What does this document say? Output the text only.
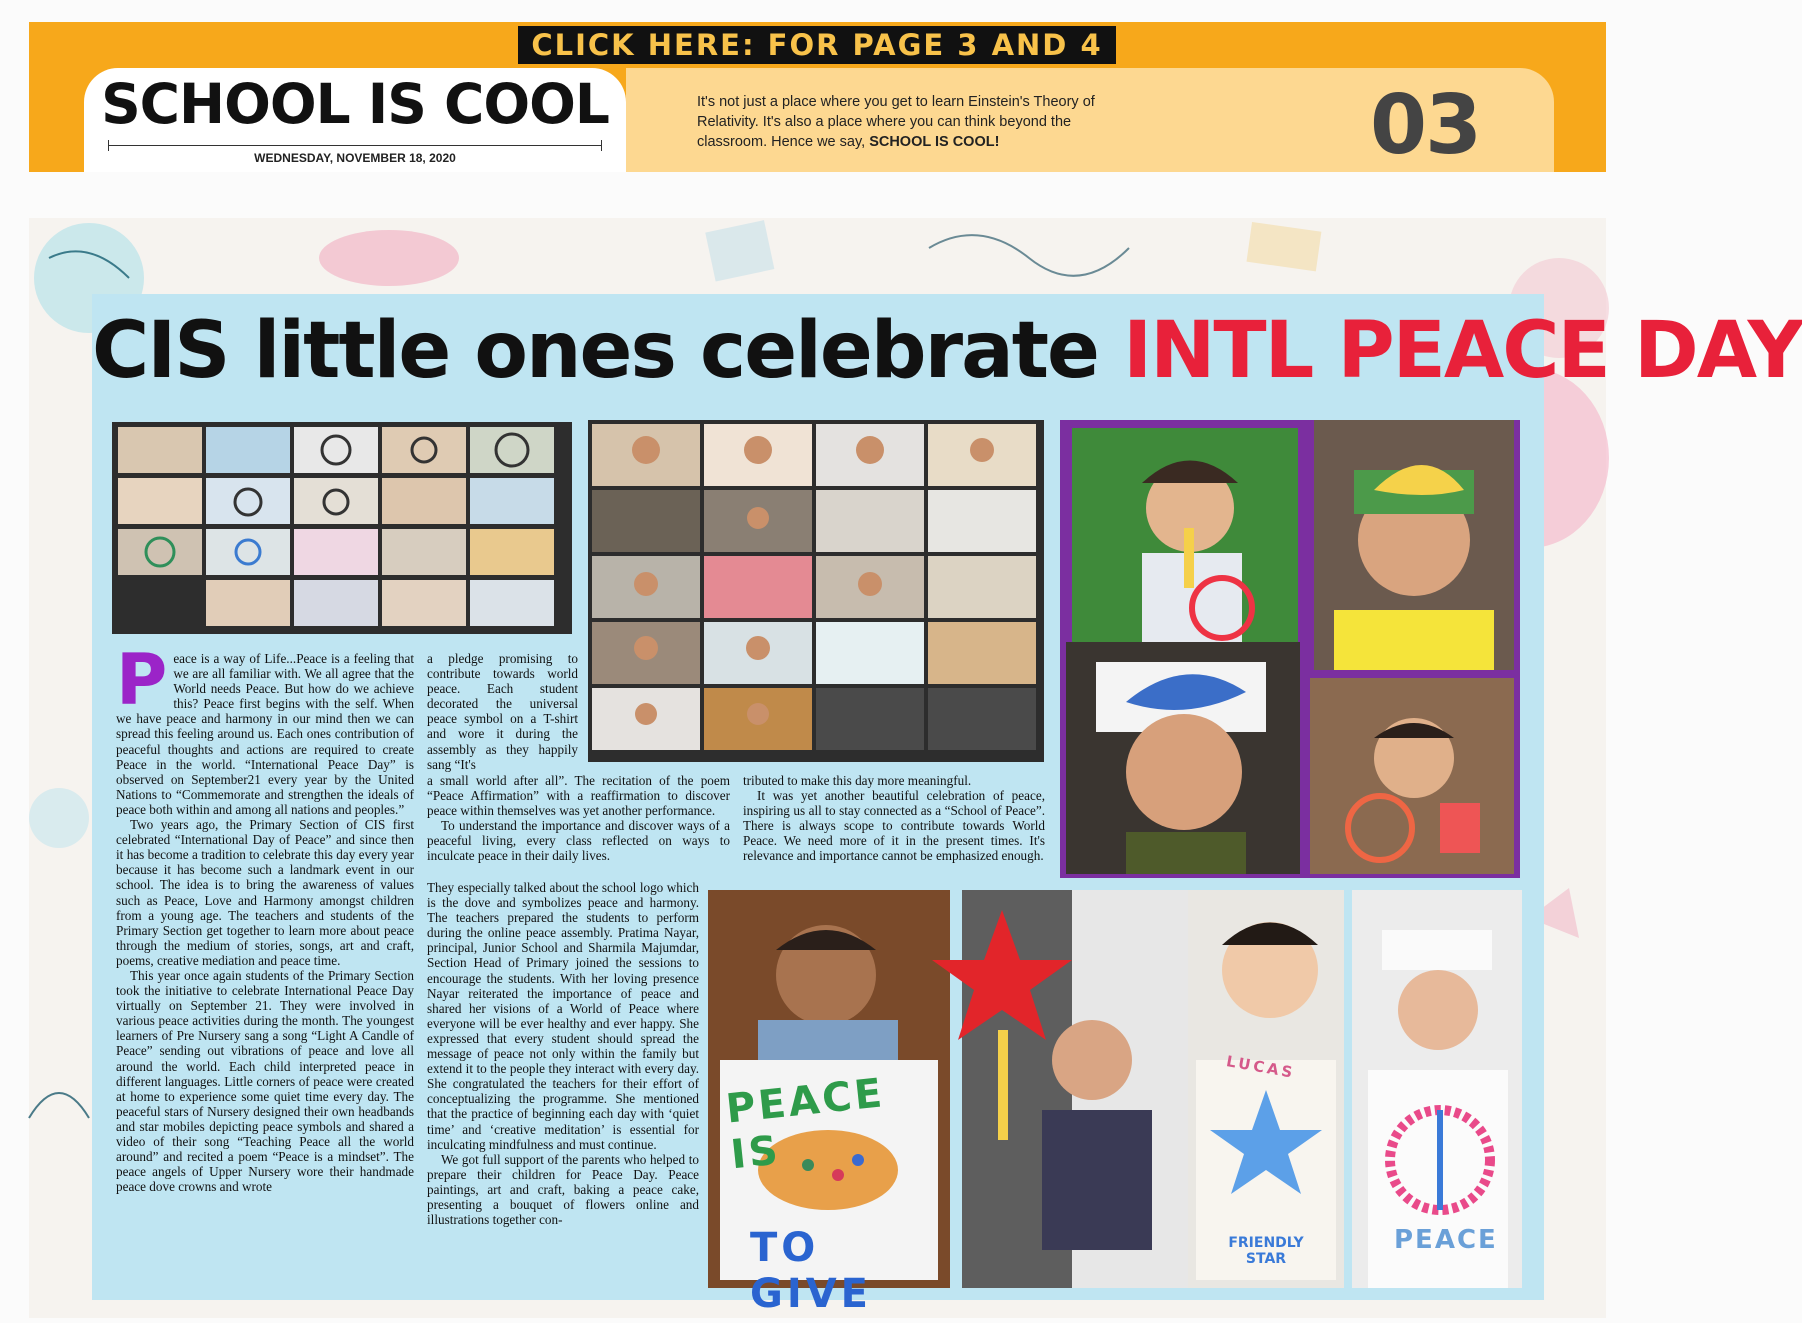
CLICK HERE: FOR PAGE 3 AND 4
SCHOOL IS COOL
WEDNESDAY, NOVEMBER 18, 2020
It's not just a place where you get to learn Einstein's Theory of Relativity. It's also a place where you can think beyond the classroom. Hence we say, SCHOOL IS COOL!	03
CIS little ones celebrate INTL PEACE DAY
PEACE IS
TO GIVE
LUCAS
FRIENDLY STAR
PEACE
P eace is a way of Life...Peace is a feeling that we are all familiar with. We all agree that the World needs Peace. But how do we achieve this? Peace first begins with the self. When we have peace and harmony in our mind then we can spread this feeling around us. Each ones contribution of peaceful thoughts and actions are required to create Peace in the world. “International Peace Day” is observed on September21 every year by the United Nations to “Commemorate and strengthen the ideals of peace both within and among all nations and peoples.”

Two years ago, the Primary Section of CIS first celebrated “International Day of Peace” and since then it has become a tradition to celebrate this day every year because it has become such a landmark event in our school. The idea is to bring the awareness of values such as Peace, Love and Harmony amongst children from a young age. The teachers and students of the Primary Section get together to learn more about peace through the medium of stories, songs, art and craft, poems, creative mediation and peace time.

This year once again students of the Primary Section took the initiative to celebrate International Peace Day virtually on September 21. They were involved in various peace activities during the month. The youngest learners of Pre Nursery sang a song “Light A Candle of Peace” sending out vibrations of peace and love all around the world. Each child interpreted peace in different languages. Little corners of peace were created at home to experience some quiet time every day. The peaceful stars of Nursery designed their own headbands and star mobiles depicting peace symbols and shared a video of their song “Teaching Peace all the world around” and recited a poem “Peace is a mindset”. The peace angels of Upper Nursery wore their handmade peace dove crowns and wrote

a pledge promising to contribute towards world peace. Each student decorated the universal peace symbol on a T-shirt and wore it during the assembly as they happily sang “It's

a small world after all”. The recitation of the poem “Peace Affirmation” with a reaffirmation to discover peace within themselves was yet another performance.

To understand the importance and discover ways of a peaceful living, every class reflected on ways to inculcate peace in their daily lives.

They especially talked about the school logo which is the dove and symbolizes peace and harmony. The teachers prepared the students to perform during the online peace assembly. Pratima Nayar, principal, Junior School and Sharmila Majumdar, Section Head of Primary joined the sessions to encourage the students. With her loving presence Nayar reiterated the importance of peace and shared her visions of a World of Peace where everyone will be ever healthy and ever happy. She expressed that every student should spread the message of peace not only within the family but extend it to the people they interact with every day. She congratulated the teachers for their effort of conceptualizing the programme. She mentioned that the practice of beginning each day with ‘quiet time’ and ‘creative meditation’ is essential for inculcating mindfulness and must continue.

We got full support of the parents who helped to prepare their children for Peace Day. Peace paintings, art and craft, baking a peace cake, presenting a bouquet of flowers online and illustrations together con-

tributed to make this day more meaningful.

It was yet another beautiful celebration of peace, inspiring us all to stay connected as a “School of Peace”. There is always scope to contribute towards World Peace. We need more of it in the present times. It's relevance and importance cannot be emphasized enough.
